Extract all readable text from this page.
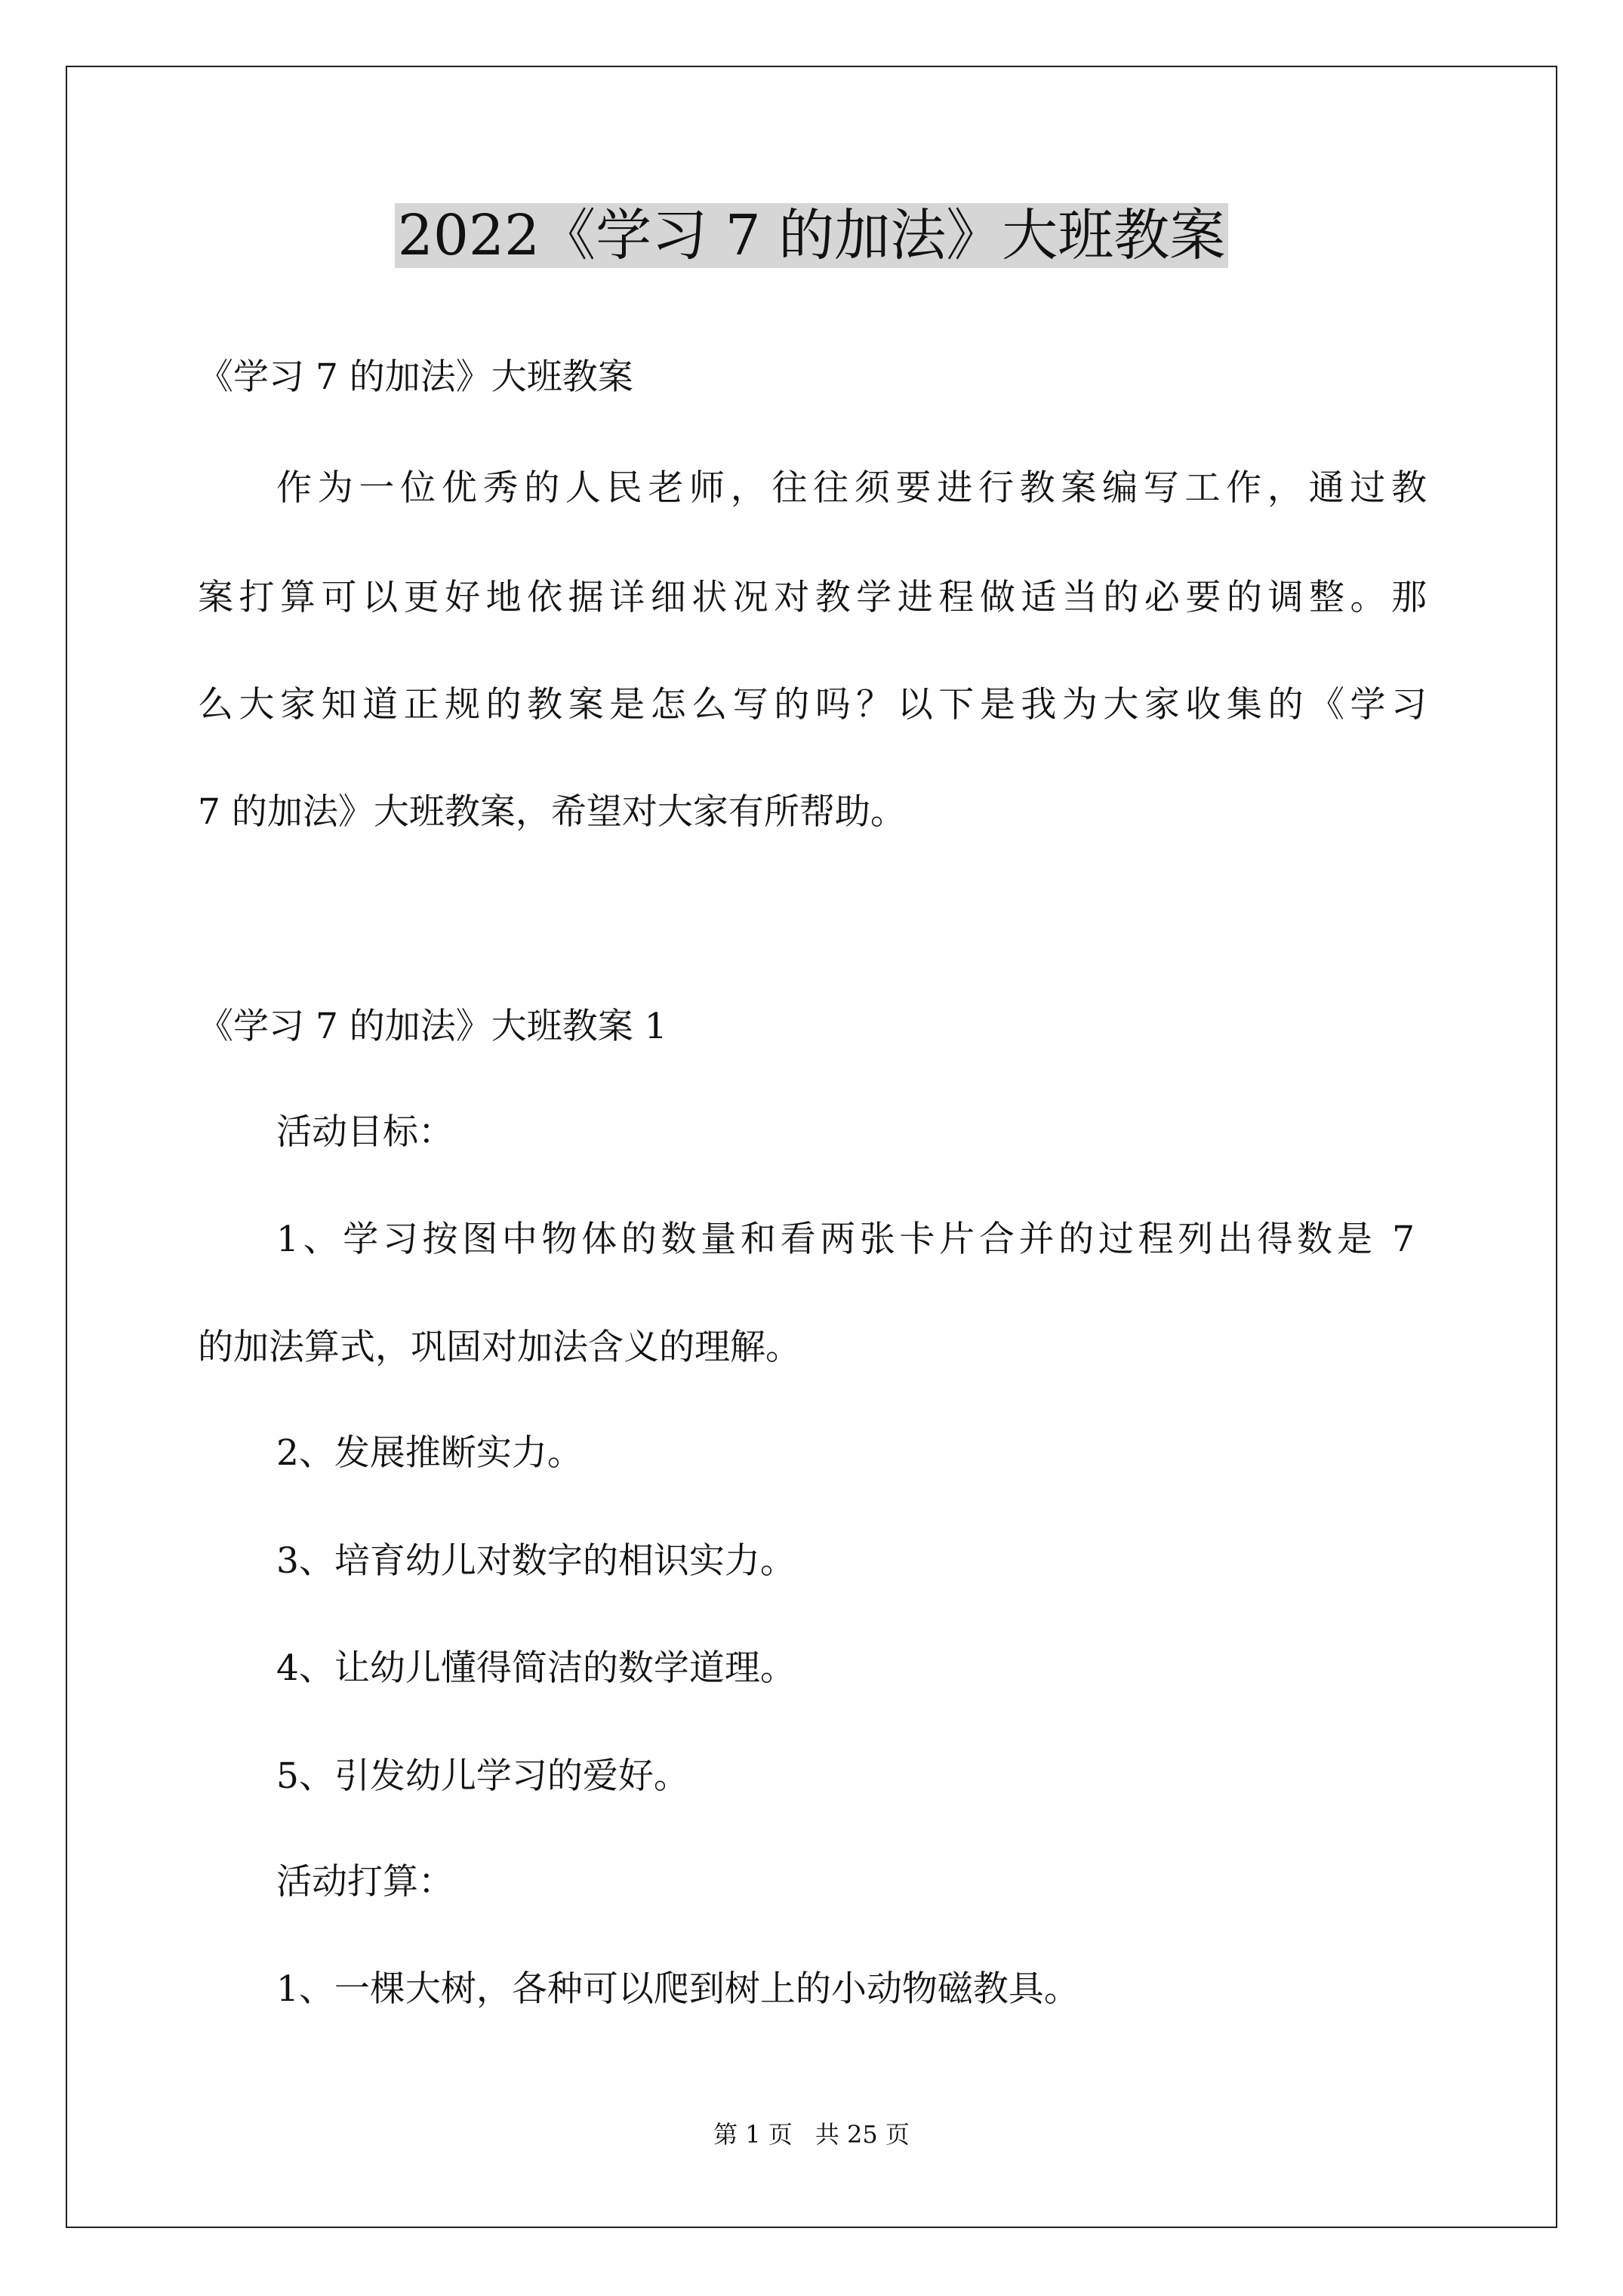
2022《学习 7 的加法》大班教案
《学习 7 的加法》大班教案
作为一位优秀的人民老师，往往须要进行教案编写工作，通过教
案打算可以更好地依据详细状况对教学进程做适当的必要的调整。那
么大家知道正规的教案是怎么写的吗？以下是我为大家收集的《学习
7 的加法》大班教案，希望对大家有所帮助。
《学习 7 的加法》大班教案 1
活动目标：
1、学习按图中物体的数量和看两张卡片合并的过程列出得数是 7
的加法算式，巩固对加法含义的理解。
2、发展推断实力。
3、培育幼儿对数字的相识实力。
4、让幼儿懂得简洁的数学道理。
5、引发幼儿学习的爱好。
活动打算：
1、一棵大树，各种可以爬到树上的小动物磁教具。
第 1 页 共 25 页
